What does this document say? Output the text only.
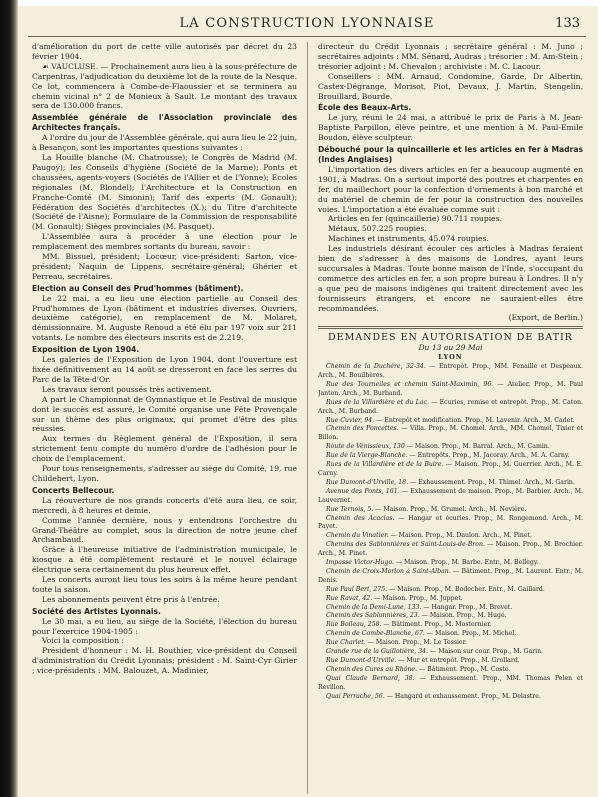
LA CONSTRUCTION LYONNAISE	133

d'amélioration du port de cette ville autorisés par décret du 23 février 1904.

☙ VAUCLUSE. — Prochainement aura lieu à la sous-préfecture de Carpentras, l'adjudication du deuxième lot de la route de la Nesque. Ce lot, commencera à Combe-de-Flaoussier et se terminera au chemin vicinal n° 2 de Monieux à Sault. Le montant des travaux sera de 130.000 francs.

Assemblée générale de l'Association provinciale des Architectes français.

A l'ordre du jour de l'Assemblée générale, qui aura lieu le 22 juin, à Besançon, sont les importantes questions suivantes :

La Houille blanche (M. Chatrousse); le Congrès de Madrid (M. Paugoy); les Conseils d'hygiène (Société de la Marne); Ponts et chaussées, agents-voyers (Sociétés de l'Allier et de l'Yonne); Ecoles régionales (M. Blondel); l'Architecture et la Construction en Franche-Comté (M. Simonin); Tarif des experts (M. Gonault); Fédération des Sociétés d'architectes (X.); du Titre d'architecte (Société de l'Aisne); Formulaire de la Commission de responsabilité (M. Gonault); Sièges provinciales (M. Pasquet).

L'Assemblée aura à procéder à une élection pour le remplacement des membres sortants du bureau, savoir :

MM. Bissuel, président; Locœur, vice-président; Sarton, vice-président; Naquin de Lippens, secrétaire-général; Ghérier et Perreau, secrétaires.

Election au Conseil des Prud'hommes (bâtiment).

Le 22 mai, a eu lieu une élection partielle au Conseil des Prud'hommes de Lyon (bâtiment et industries diverses. Ouvriers, deuxième catégorie), en remplacement de M. Molaret, démissionnaire. M. Auguste Renoud a été élu par 197 voix sur 211 votants. Le nombre des électeurs inscrits est de 2.219.

Exposition de Lyon 1904.

Les galeries de l'Exposition de Lyon 1904, dont l'ouverture est fixée définitivement au 14 août se dresseront en face les serres du Parc de la Tête-d'Or.

Les travaux seront poussés très activement.

A part le Championnat de Gymnastique et le Festival de musique dont le succès est assuré, le Comité organise une Fête Provençale sur un thème des plus originaux, qui promet d'être des plus réussies.

Aux termes du Règlement général de l'Exposition, il sera strictement tenu compte du numéro d'ordre de l'adhésion pour le choix de l'emplacement.

Pour tous renseignements, s'adresser au siège du Comité, 19, rue Childebert, Lyon.

Concerts Bellecour.

La réouverture de nos grands concerts d'été aura lieu, ce soir, mercredi, à 8 heures et demie.

Comme l'année dernière, nous y entendrons l'orchestre du Grand-Théâtre au complet, sous la direction de notre jeune chef Archambaud.

Grâce à l'heureuse initiative de l'administration municipale, le kiosque a été complètement restauré et le nouvel éclairage électrique sera certainement du plus heureux effet.

Les concerts auront lieu tous les soirs à la même heure pendant toute la saison.

Les abonnements peuvent être pris à l'entrée.

Société des Artistes Lyonnais.

Le 30 mai, a eu lieu, au siège de la Société, l'élection du bureau pour l'exercice 1904-1905 :

Voici la composition :

Président d'honneur : M. H. Bouthier, vice-président du Conseil d'administration du Crédit Lyonnais; président : M. Saint-Cyr Girier ; vice-présidents : MM. Balouzet, A. Madinier,

directeur du Crédit Lyonnais ; secrétaire général : M. Juno ; secrétaires adjoints : MM. Sénard, Audras ; trésorier : M. Am-Stein ; trésorier adjoint : M. Chevalon ; archiviste : M. C. Lacour.

Conseillers : MM. Arnaud, Condomine, Garde, Dr Albertin, Castex-Dégrange, Morisot, Piot, Devaux, J. Martin, Stengelin, Brouillard, Bourde.

École des Beaux-Arts.

Le jury, réuni le 24 mai, a attribué le prix de Paris à M. Jean-Baptiste Parpillon, élève peintre, et une mention à M. Paul-Emile Boudon, élève sculpteur.

Débouché pour la quincaillerie et les articles en fer à Madras (Indes Anglaises)

L'importation des divers articles en fer a beaucoup augmenté en 1901, à Madras. On a surtout importé des poutres et charpentes en fer, du maillechort pour la confection d'ornements à bon marché et du matériel de chemin de fer pour la construction des nouvelles voies. L'importation a été évaluée comme suit :

Articles en fer (quincaillerie) 90.711 roupies.

Métaux, 507.225 roupies.

Machines et instruments, 45.074 roupies.

Les industriels désirant écouler ces articles à Madras feraient bien de s'adresser à des maisons de Londres, ayant leurs succursales à Madras. Toute bonne maison de l'Inde, s'occupant du commerce des articles en fer, a son propre bureau à Londres. Il n'y a que peu de maisons indigènes qui traitent directement avec les fournisseurs étrangers, et encore ne sauraient-elles être recommandées.

(Export, de Berlin.)

DEMANDES EN AUTORISATION DE BATIR

Du 13 au 29 Mai

LYON

Chemin de la Duchère, 32-34. — Entrepôt. Prop., MM. Fenaille et Despeaux. Arch., M. Bouilhères.

Rue des Tourneiles et chemin Saint-Maximin, 96. — Atelier. Prop., M. Paul Janton. Arch., M. Burband.

Rues de la Villardière et du Lac. — Ecuries, remise et entrepôt. Prop., M. Caton. Arch., M. Burband.

Rue Cuvier, 94. — Entrepôt et modification. Prop., M. Lavenir. Arch., M. Cadet.

Chemin des Poncettes. — Villa. Prop., M. Chomel. Arch., MM. Chomel, Tixier et Billon.

Route de Vénissieux, 130 — Maison. Prop., M. Barral. Arch., M. Camin.

Rue de la Vierge-Blanche. — Entrepôts. Prop., M. Jacoray. Arch., M. A. Carny.

Rues de la Villardière et de la Buire. — Maison. Prop., M. Guerrier. Arch., M. E. Carny.

Rue Dumont-d'Urville, 18. — Exhaussement. Prop., M. Thimel. Arch., M. Garin.

Avenue des Ponts, 161. — Exhaussement de maison. Prop., M. Barbier. Arch., M. Lauvernet.

Rue Ternois, 5. — Maison. Prop., M. Grumel. Arch., M. Nevière.

Chemin des Acacias. — Hangar et écuries. Prop., M. Rongemond. Arch., M. Payet.

Chemin du Vinatier. — Maison. Prop., M. Daulon. Arch., M. Pinet.

Chemins des Sablonnières et Saint-Louis-de-Bron. — Maison. Prop., M. Brochier. Arch., M. Pinet.

Impasse Victor-Hugo. — Maison. Prop., M. Barbe. Entr., M. Bellegy.

Chemin de Croix-Morlon à Saint-Alban. — Bâtiment. Prop., M. Laurent. Entr., M. Denis.

Rue Paul Bert, 275. — Maison. Prop., M. Bodecher. Entr., M. Gaillard.

Rue Ravat, 42. — Maison. Prop., M. Juppet.

Chemin de la Demi-Lune, 133. — Hangar. Prop., M. Brevet.

Chemin des Sablonnières, 23. — Maison. Prop., M. Hugé.

Rue Boileau, 258. — Bâtiment. Prop., M. Mosternier.

Chemin de Combe-Blanche, 67. — Maison. Prop., M. Michel.

Rue Charlet. — Maison. Prop., M. Le Tessier.

Grande rue de la Guillotière, 34. — Maison sur cour. Prop., M. Garin.

Rue Dumont-d'Urville. — Mur et entrepôt. Prop., M. Grollard.

Chemin des Cures au Rhône. — Bâtiment. Prop., M. Coste.

Quai Claude Bernard, 38. — Exhaussement. Prop., MM. Thomas Pelen et Revillon.

Quai Perrache, 56. — Hangard et exhaussement. Prop., M. Delastre.
